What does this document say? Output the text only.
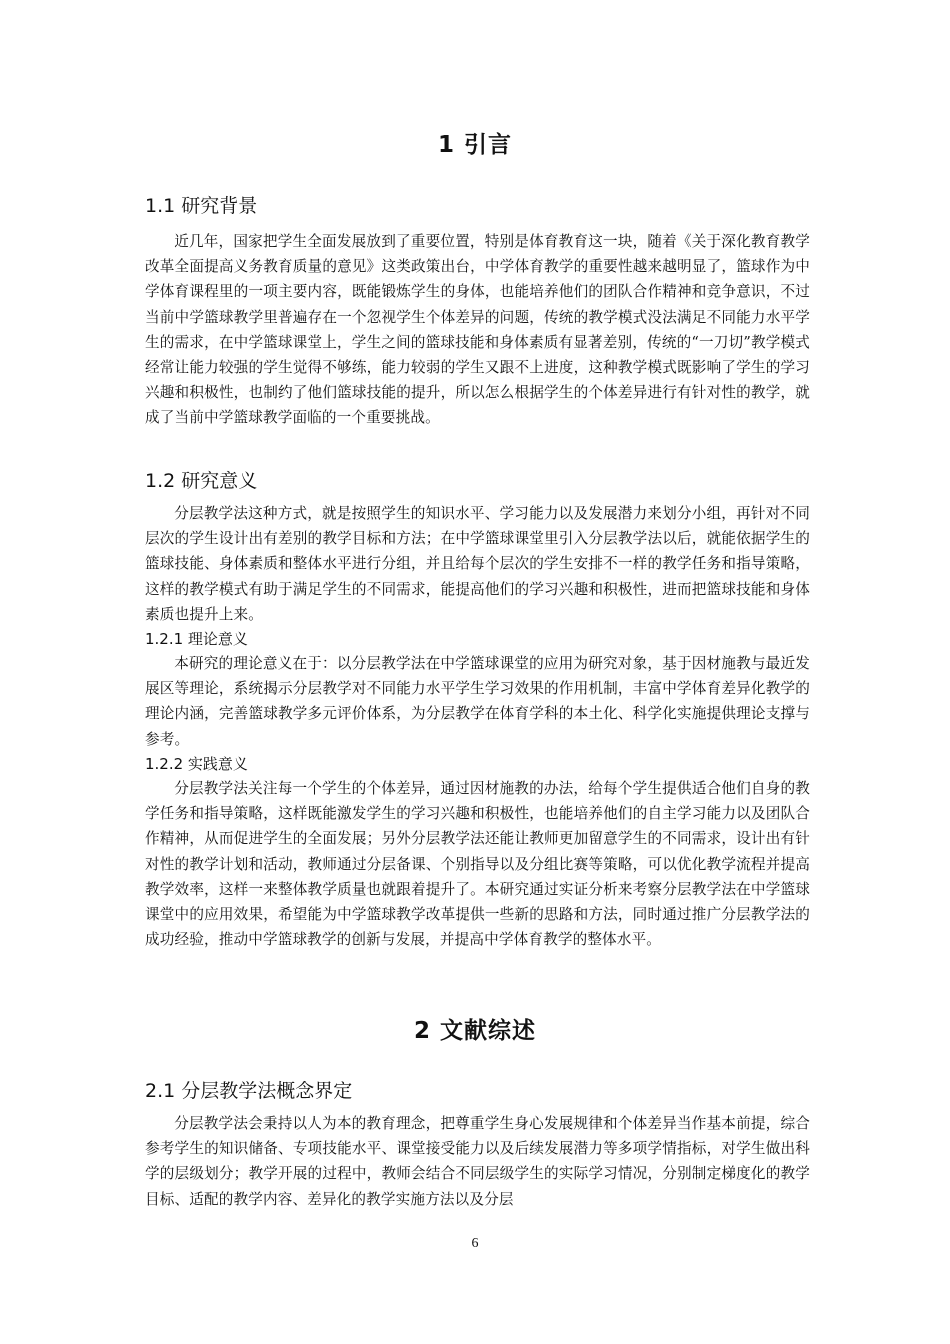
1 引言
1.1 研究背景

近几年，国家把学生全面发展放到了重要位置，特别是体育教育这一块，随着《关于深化教育教学改革全面提高义务教育质量的意见》这类政策出台，中学体育教学的重要性越来越明显了，篮球作为中学体育课程里的一项主要内容，既能锻炼学生的身体，也能培养他们的团队合作精神和竞争意识，不过当前中学篮球教学里普遍存在一个忽视学生个体差异的问题，传统的教学模式没法满足不同能力水平学生的需求，在中学篮球课堂上，学生之间的篮球技能和身体素质有显著差别，传统的“一刀切”教学模式经常让能力较强的学生觉得不够练，能力较弱的学生又跟不上进度，这种教学模式既影响了学生的学习兴趣和积极性，也制约了他们篮球技能的提升，所以怎么根据学生的个体差异进行有针对性的教学，就成了当前中学篮球教学面临的一个重要挑战。

1.2 研究意义

分层教学法这种方式，就是按照学生的知识水平、学习能力以及发展潜力来划分小组，再针对不同层次的学生设计出有差别的教学目标和方法；在中学篮球课堂里引入分层教学法以后，就能依据学生的篮球技能、身体素质和整体水平进行分组，并且给每个层次的学生安排不一样的教学任务和指导策略，这样的教学模式有助于满足学生的不同需求，能提高他们的学习兴趣和积极性，进而把篮球技能和身体素质也提升上来。

1.2.1 理论意义

本研究的理论意义在于：以分层教学法在中学篮球课堂的应用为研究对象，基于因材施教与最近发展区等理论，系统揭示分层教学对不同能力水平学生学习效果的作用机制，丰富中学体育差异化教学的理论内涵，完善篮球教学多元评价体系，为分层教学在体育学科的本土化、科学化实施提供理论支撑与参考。

1.2.2 实践意义

分层教学法关注每一个学生的个体差异，通过因材施教的办法，给每个学生提供适合他们自身的教学任务和指导策略，这样既能激发学生的学习兴趣和积极性，也能培养他们的自主学习能力以及团队合作精神，从而促进学生的全面发展；另外分层教学法还能让教师更加留意学生的不同需求，设计出有针对性的教学计划和活动，教师通过分层备课、个别指导以及分组比赛等策略，可以优化教学流程并提高教学效率，这样一来整体教学质量也就跟着提升了。本研究通过实证分析来考察分层教学法在中学篮球课堂中的应用效果，希望能为中学篮球教学改革提供一些新的思路和方法，同时通过推广分层教学法的成功经验，推动中学篮球教学的创新与发展，并提高中学体育教学的整体水平。

2 文献综述
2.1 分层教学法概念界定

分层教学法会秉持以人为本的教育理念，把尊重学生身心发展规律和个体差异当作基本前提，综合参考学生的知识储备、专项技能水平、课堂接受能力以及后续发展潜力等多项学情指标，对学生做出科学的层级划分；教学开展的过程中，教师会结合不同层级学生的实际学习情况，分别制定梯度化的教学目标、适配的教学内容、差异化的教学实施方法以及分层

6
